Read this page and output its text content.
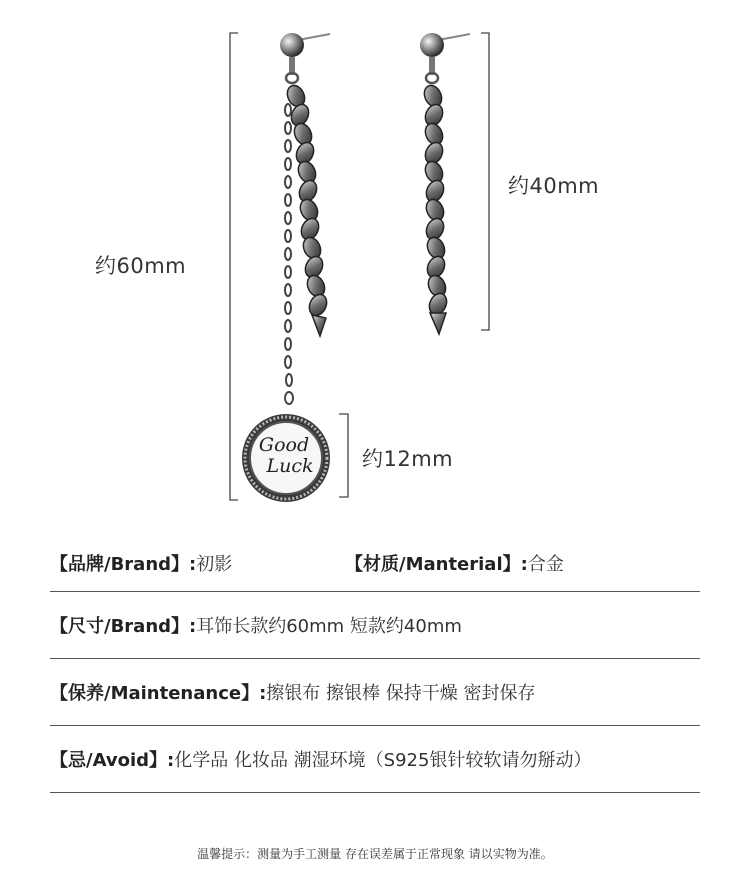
Good
Luck
约60mm
约40mm
约12mm
【品牌/Brand】: 初影	【材质/Manterial】:合金
【尺寸/Brand】: 耳饰长款约60mm 短款约40mm
【保养/Maintenance】: 擦银布 擦银棒 保持干燥 密封保存
【忌/Avoid】: 化学品 化妆品 潮湿环境（S925银针较软请勿掰动）
温馨提示：测量为手工测量 存在误差属于正常现象 请以实物为准。
